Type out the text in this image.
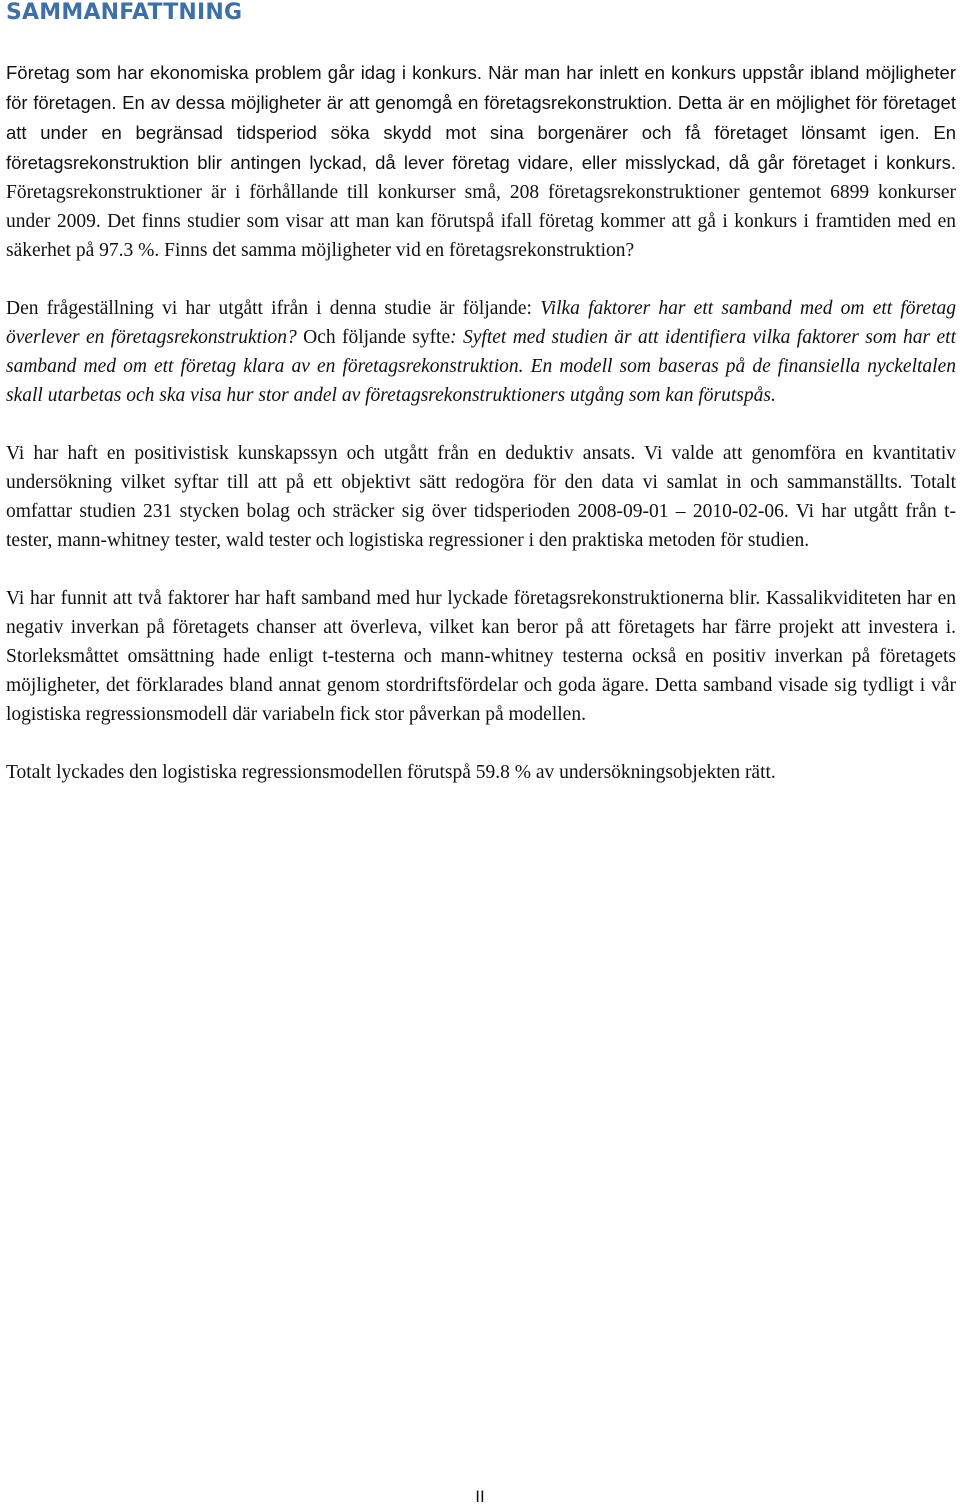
SAMMANFATTNING

Företag som har ekonomiska problem går idag i konkurs. När man har inlett en konkurs uppstår ibland möjligheter för företagen. En av dessa möjligheter är att genomgå en företagsrekonstruktion. Detta är en möjlighet för företaget att under en begränsad tidsperiod söka skydd mot sina borgenärer och få företaget lönsamt igen. En företagsrekonstruktion blir antingen lyckad, då lever företag vidare, eller misslyckad, då går företaget i konkurs. Företagsrekonstruktioner är i förhållande till konkurser små, 208 företagsrekonstruktioner gentemot 6899 konkurser under 2009. Det finns studier som visar att man kan förutspå ifall företag kommer att gå i konkurs i framtiden med en säkerhet på 97.3 %. Finns det samma möjligheter vid en företagsrekonstruktion?

Den frågeställning vi har utgått ifrån i denna studie är följande: Vilka faktorer har ett samband med om ett företag överlever en företagsrekonstruktion? Och följande syfte: Syftet med studien är att identifiera vilka faktorer som har ett samband med om ett företag klara av en företagsrekonstruktion. En modell som baseras på de finansiella nyckeltalen skall utarbetas och ska visa hur stor andel av företagsrekonstruktioners utgång som kan förutspås.

Vi har haft en positivistisk kunskapssyn och utgått från en deduktiv ansats. Vi valde att genomföra en kvantitativ undersökning vilket syftar till att på ett objektivt sätt redogöra för den data vi samlat in och sammanställts. Totalt omfattar studien 231 stycken bolag och sträcker sig över tidsperioden 2008-09-01 – 2010-02-06. Vi har utgått från t-tester, mann-whitney tester, wald tester och logistiska regressioner i den praktiska metoden för studien.

Vi har funnit att två faktorer har haft samband med hur lyckade företagsrekonstruktionerna blir. Kassalikviditeten har en negativ inverkan på företagets chanser att överleva, vilket kan beror på att företagets har färre projekt att investera i. Storleksmåttet omsättning hade enligt t-testerna och mann-whitney testerna också en positiv inverkan på företagets möjligheter, det förklarades bland annat genom stordriftsfördelar och goda ägare. Detta samband visade sig tydligt i vår logistiska regressionsmodell där variabeln fick stor påverkan på modellen.

Totalt lyckades den logistiska regressionsmodellen förutspå 59.8 % av undersökningsobjekten rätt.

II
